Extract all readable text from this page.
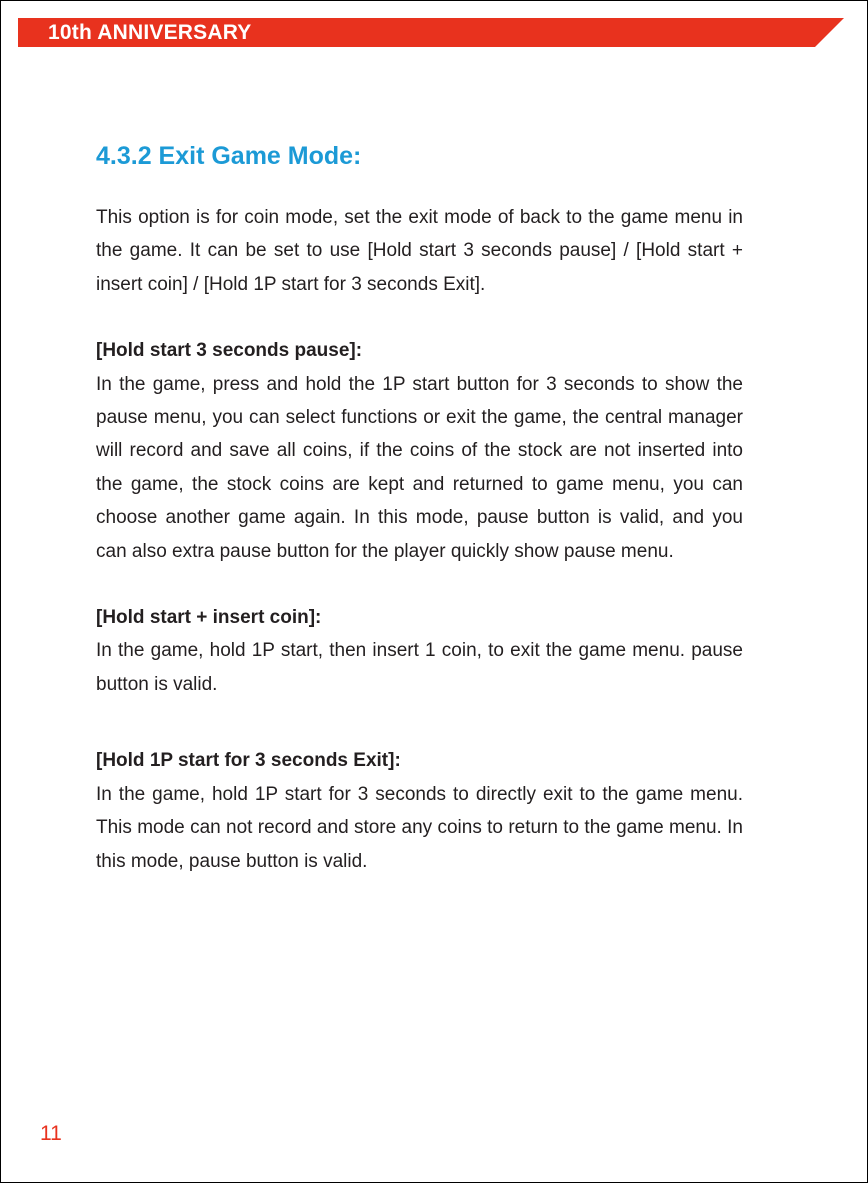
10th ANNIVERSARY
4.3.2 Exit Game Mode:

This option is for coin mode, set the exit mode of back to the game menu in the game. It can be set to use [Hold start 3 seconds pause] / [Hold start + insert coin] / [Hold 1P start for 3 seconds Exit].

[Hold start 3 seconds pause]:

In the game, press and hold the 1P start button for 3 seconds to show the pause menu, you can select functions or exit the game, the central manager will record and save all coins, if the coins of the stock are not inserted into the game, the stock coins are kept and returned to game menu, you can choose another game again. In this mode, pause button is valid, and you can also extra pause button for the player quickly show pause menu.

[Hold start + insert coin]:

In the game, hold 1P start, then insert 1 coin, to exit the game menu. pause button is valid.

[Hold 1P start for 3 seconds Exit]:

In the game, hold 1P start for 3 seconds to directly exit to the game menu. This mode can not record and store any coins to return to the game menu. In this mode, pause button is valid.

11
